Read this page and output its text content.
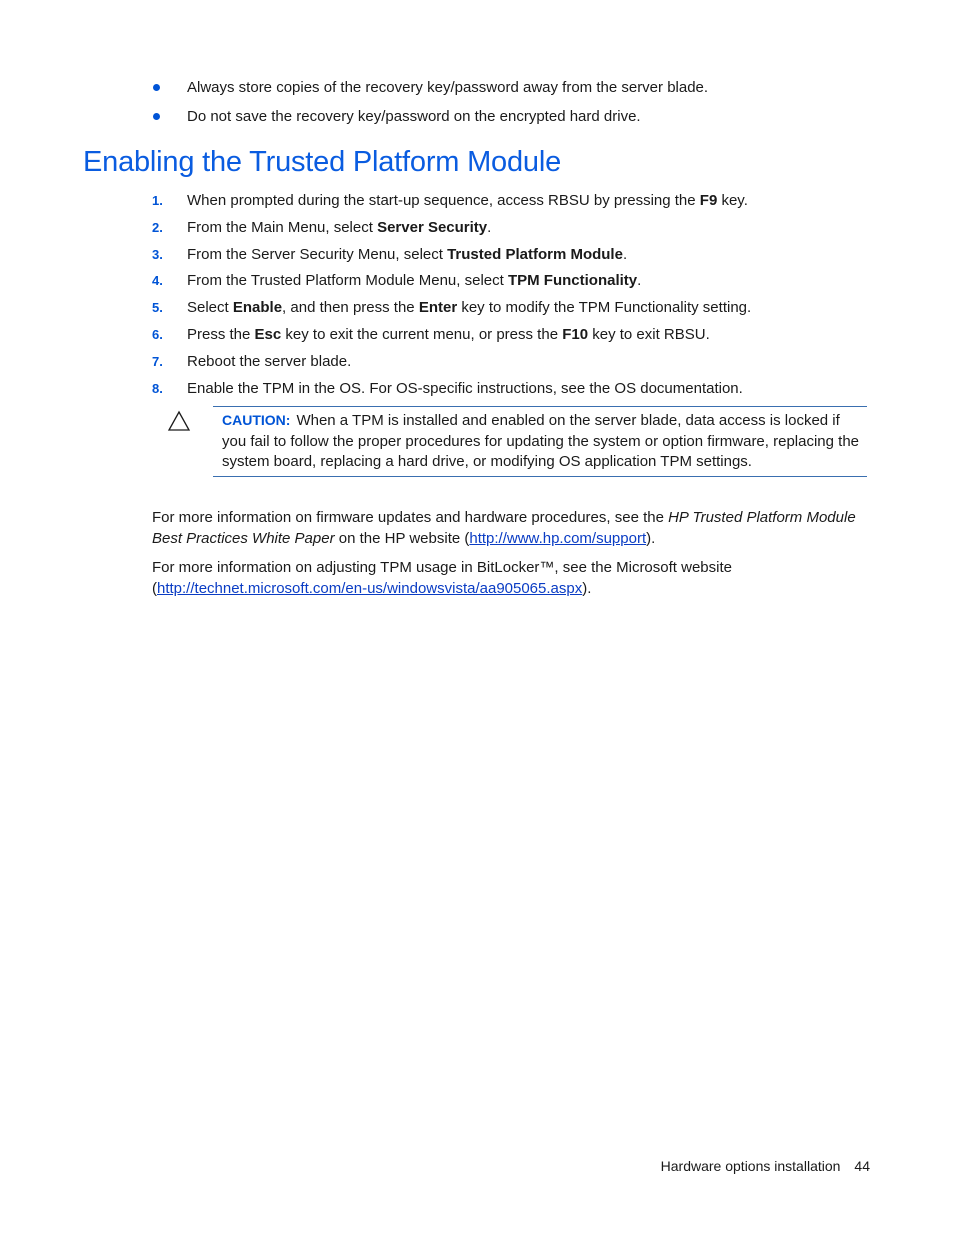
Always store copies of the recovery key/password away from the server blade.
Do not save the recovery key/password on the encrypted hard drive.
Enabling the Trusted Platform Module
1. When prompted during the start-up sequence, access RBSU by pressing the F9 key.
2. From the Main Menu, select Server Security.
3. From the Server Security Menu, select Trusted Platform Module.
4. From the Trusted Platform Module Menu, select TPM Functionality.
5. Select Enable, and then press the Enter key to modify the TPM Functionality setting.
6. Press the Esc key to exit the current menu, or press the F10 key to exit RBSU.
7. Reboot the server blade.
8. Enable the TPM in the OS. For OS-specific instructions, see the OS documentation.
CAUTION: When a TPM is installed and enabled on the server blade, data access is locked if you fail to follow the proper procedures for updating the system or option firmware, replacing the system board, replacing a hard drive, or modifying OS application TPM settings.

For more information on firmware updates and hardware procedures, see the HP Trusted Platform Module Best Practices White Paper on the HP website (http://www.hp.com/support).

For more information on adjusting TPM usage in BitLocker™, see the Microsoft website (http://technet.microsoft.com/en-us/windowsvista/aa905065.aspx).

Hardware options installation 44
